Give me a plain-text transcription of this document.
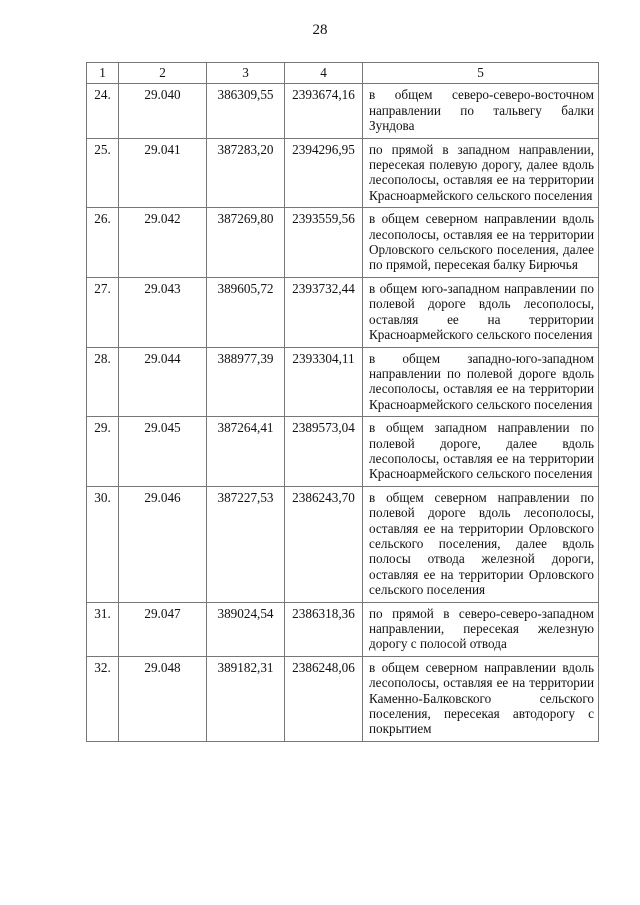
28
1	2	3	4	5
24.	29.040	386309,55	2393674,16	в общем северо-северо-восточном направлении по тальвегу балки Зундова
25.	29.041	387283,20	2394296,95	по прямой в западном направлении, пересекая полевую дорогу, далее вдоль лесополосы, оставляя ее на территории Красноармейского сельского поселения
26.	29.042	387269,80	2393559,56	в общем северном направлении вдоль лесополосы, оставляя ее на территории Орловского сельского поселения, далее по прямой, пересекая балку Бирючья
27.	29.043	389605,72	2393732,44	в общем юго-западном направлении по полевой дороге вдоль лесополосы, оставляя ее на территории Красноармейского сельского поселения
28.	29.044	388977,39	2393304,11	в общем западно-юго-западном направлении по полевой дороге вдоль лесополосы, оставляя ее на территории Красноармейского сельского поселения
29.	29.045	387264,41	2389573,04	в общем западном направлении по полевой дороге, далее вдоль лесополосы, оставляя ее на территории Красноармейского сельского поселения
30.	29.046	387227,53	2386243,70	в общем северном направлении по полевой дороге вдоль лесополосы, оставляя ее на территории Орловского сельского поселения, далее вдоль полосы отвода железной дороги, оставляя ее на территории Орловского сельского поселения
31.	29.047	389024,54	2386318,36	по прямой в северо-северо-западном направлении, пересекая железную дорогу с полосой отвода
32.	29.048	389182,31	2386248,06	в общем северном направлении вдоль лесополосы, оставляя ее на территории Каменно-Балковского сельского поселения, пересекая автодорогу с покрытием
